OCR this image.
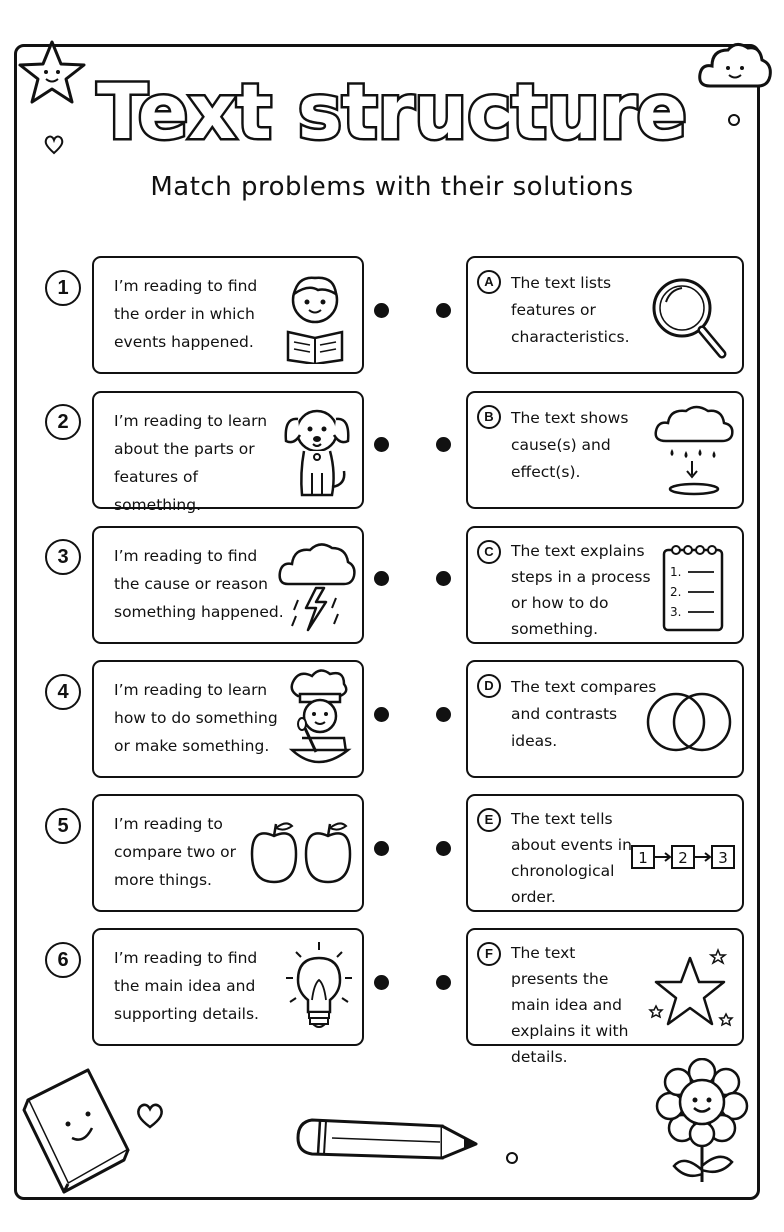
Text structure
Match problems with their solutions
1	I’m reading to find the order in which events happened.
A	The text lists features or characteristics.
2	I’m reading to learn about the parts or features of something.
B	The text shows cause(s) and effect(s).
3	I’m reading to find the cause or reason something happened.
C	The text explains steps in a process or how to do something.
1.
2.
3.
4	I’m reading to learn how to do something or make something.
D	The text compares and contrasts ideas.
5	I’m reading to compare two or more things.
E	The text tells about events in chronological order.
1 2 3
6	I’m reading to find the main idea and supporting details.
F	The text presents the main idea and explains it with details.
